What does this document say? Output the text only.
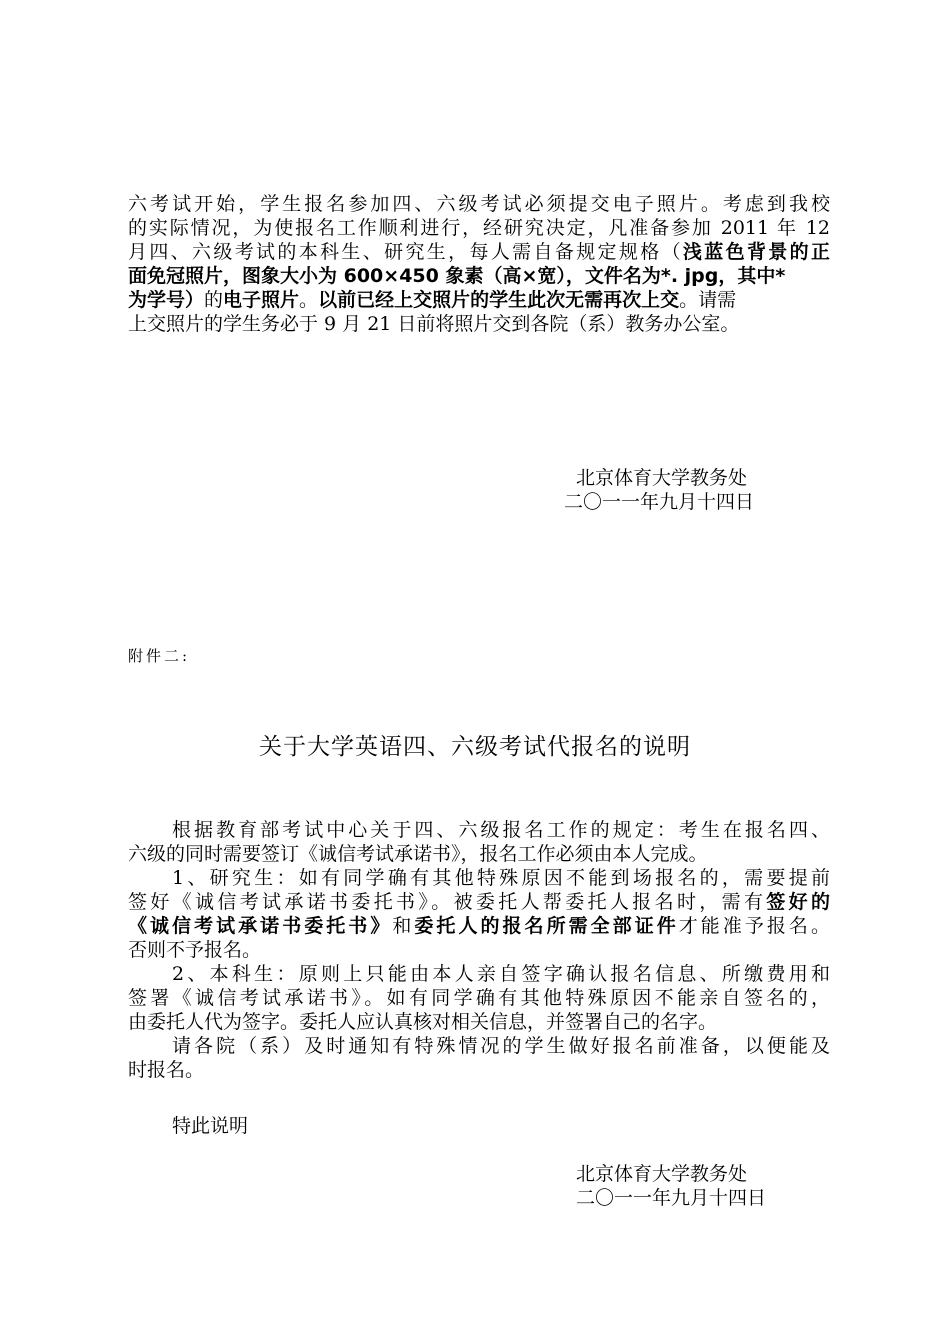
六考试开始，学生报名参加四、六级考试必须提交电子照片。考虑到我校
的实际情况，为使报名工作顺利进行，经研究决定，凡准备参加 2011 年 12
月四、六级考试的本科生、研究生，每人需自备规定规格（浅蓝色背景的正
面免冠照片，图象大小为 600×450 象素（高×宽），文件名为*. jpg，其中*
为学号）的电子照片。以前已经上交照片的学生此次无需再次上交。请需
上交照片的学生务必于 9 月 21 日前将照片交到各院（系）教务办公室。
北京体育大学教务处
二〇一一年九月十四日
附件二:
关于大学英语四、六级考试代报名的说明
根据教育部考试中心关于四、六级报名工作的规定：考生在报名四、
六级的同时需要签订《诚信考试承诺书》，报名工作必须由本人完成。
1、研究生：如有同学确有其他特殊原因不能到场报名的，需要提前
签好《诚信考试承诺书委托书》。被委托人帮委托人报名时，需有签好的
《诚信考试承诺书委托书》和委托人的报名所需全部证件才能准予报名。
否则不予报名。
2、本科生：原则上只能由本人亲自签字确认报名信息、所缴费用和
签署《诚信考试承诺书》。如有同学确有其他特殊原因不能亲自签名的，
由委托人代为签字。委托人应认真核对相关信息，并签署自己的名字。
请各院（系）及时通知有特殊情况的学生做好报名前准备，以便能及
时报名。
特此说明
北京体育大学教务处
二〇一一年九月十四日
